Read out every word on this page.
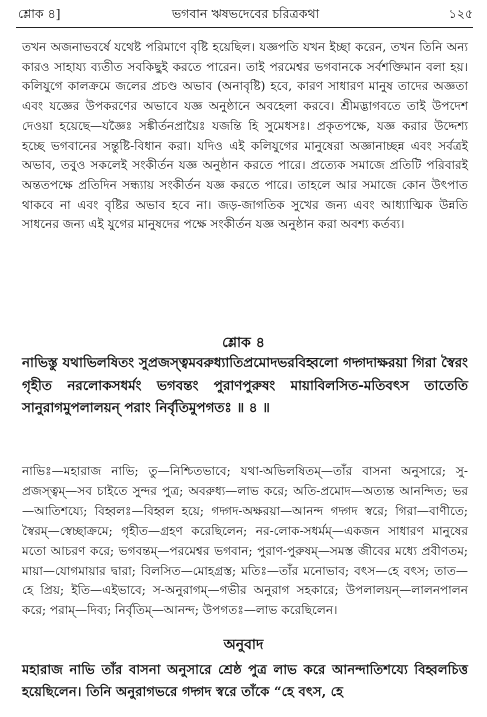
শ্লোক ৪]	ভগবান ঋষভদেবের চরিত্রকথা	১২৫

তখন অজনাভবর্ষে যথেষ্ট পরিমাণে বৃষ্টি হয়েছিল। যজ্ঞপতি যখন ইচ্ছা করেন, তখন তিনি অন্য কারও সাহায্য ব্যতীত সবকিছুই করতে পারেন। তাই পরমেশ্বর ভগবানকে সর্বশক্তিমান বলা হয়। কলিযুগে কালক্রমে জলের প্রচণ্ড অভাব (অনাবৃষ্টি) হবে, কারণ সাধারণ মানুষ তাদের অজ্ঞতা এবং যজ্ঞের উপকরণের অভাবে যজ্ঞ অনুষ্ঠানে অবহেলা করবে। শ্রীমদ্ভাগবতে তাই উপদেশ দেওয়া হয়েছে—যজ্ঞৈঃ সঙ্কীর্তনপ্রায়ৈঃ যজন্তি হি সুমেধসঃ। প্রকৃতপক্ষে, যজ্ঞ করার উদ্দেশ্য হচ্ছে ভগবানের সন্তুষ্টি-বিধান করা। যদিও এই কলিযুগের মানুষেরা অজ্ঞানাচ্ছন্ন এবং সর্বত্রই অভাব, তবুও সকলেই সংকীর্তন যজ্ঞ অনুষ্ঠান করতে পারে। প্রত্যেক সমাজে প্রতিটি পরিবারই অন্ততপক্ষে প্রতিদিন সন্ধ্যায় সংকীর্তন যজ্ঞ করতে পারে। তাহলে আর সমাজে কোন উৎপাত থাকবে না এবং বৃষ্টির অভাব হবে না। জড়-জাগতিক সুখের জন্য এবং আধ্যাত্মিক উন্নতি সাধনের জন্য এই যুগের মানুষদের পক্ষে সংকীর্তন যজ্ঞ অনুষ্ঠান করা অবশ্য কর্তব্য।

শ্লোক ৪

নাভিস্তু যথাভিলষিতং সুপ্রজস্ত্বমবরুধ্যাতিপ্রমোদভরবিহ্বলো গদ্গদাক্ষরয়া গিরা স্বৈরং গৃহীত নরলোকসধর্মং ভগবন্তং পুরাণপুরুষং মায়াবিলসিত-মতিবৎস তাতেতি সানুরাগমুপলালয়ন্ পরাং নির্বৃতিমুপগতঃ ॥ ৪ ॥

নাভিঃ—মহারাজ নাভি; তু—নিশ্চিতভাবে; যথা-অভিলষিতম্—তাঁর বাসনা অনুসারে; সু-প্রজস্ত্বম্—সব চাইতে সুন্দর পুত্র; অবরুধ্য—লাভ করে; অতি-প্রমোদ—অত্যন্ত আনন্দিত; ভর—আতিশয্যে; বিহ্বলঃ—বিহ্বল হয়ে; গদ্গদ-অক্ষরয়া—আনন্দ গদ্গদ স্বরে; গিরা—বাণীতে; স্বৈরম্—স্বেচ্ছাক্রমে; গৃহীত—গ্রহণ করেছিলেন; নর-লোক-সধর্মম্—একজন সাধারণ মানুষের মতো আচরণ করে; ভগবন্তম্—পরমেশ্বর ভগবান; পুরাণ-পুরুষম্—সমস্ত জীবের মধ্যে প্রবীণতম; মায়া—যোগমায়ার দ্বারা; বিলসিত—মোহগ্রস্ত; মতিঃ—তাঁর মনোভাব; বৎস—হে বৎস; তাত—হে প্রিয়; ইতি—এইভাবে; স-অনুরাগম্—গভীর অনুরাগ সহকারে; উপলালয়ন্—লালনপালন করে; পরাম্—দিব্য; নির্বৃতিম্—আনন্দ; উপগতঃ—লাভ করেছিলেন।

অনুবাদ

মহারাজ নাভি তাঁর বাসনা অনুসারে শ্রেষ্ঠ পুত্র লাভ করে আনন্দাতিশয্যে বিহ্বলচিত্ত হয়েছিলেন। তিনি অনুরাগভরে গদ্গদ স্বরে তাঁকে “হে বৎস, হে
